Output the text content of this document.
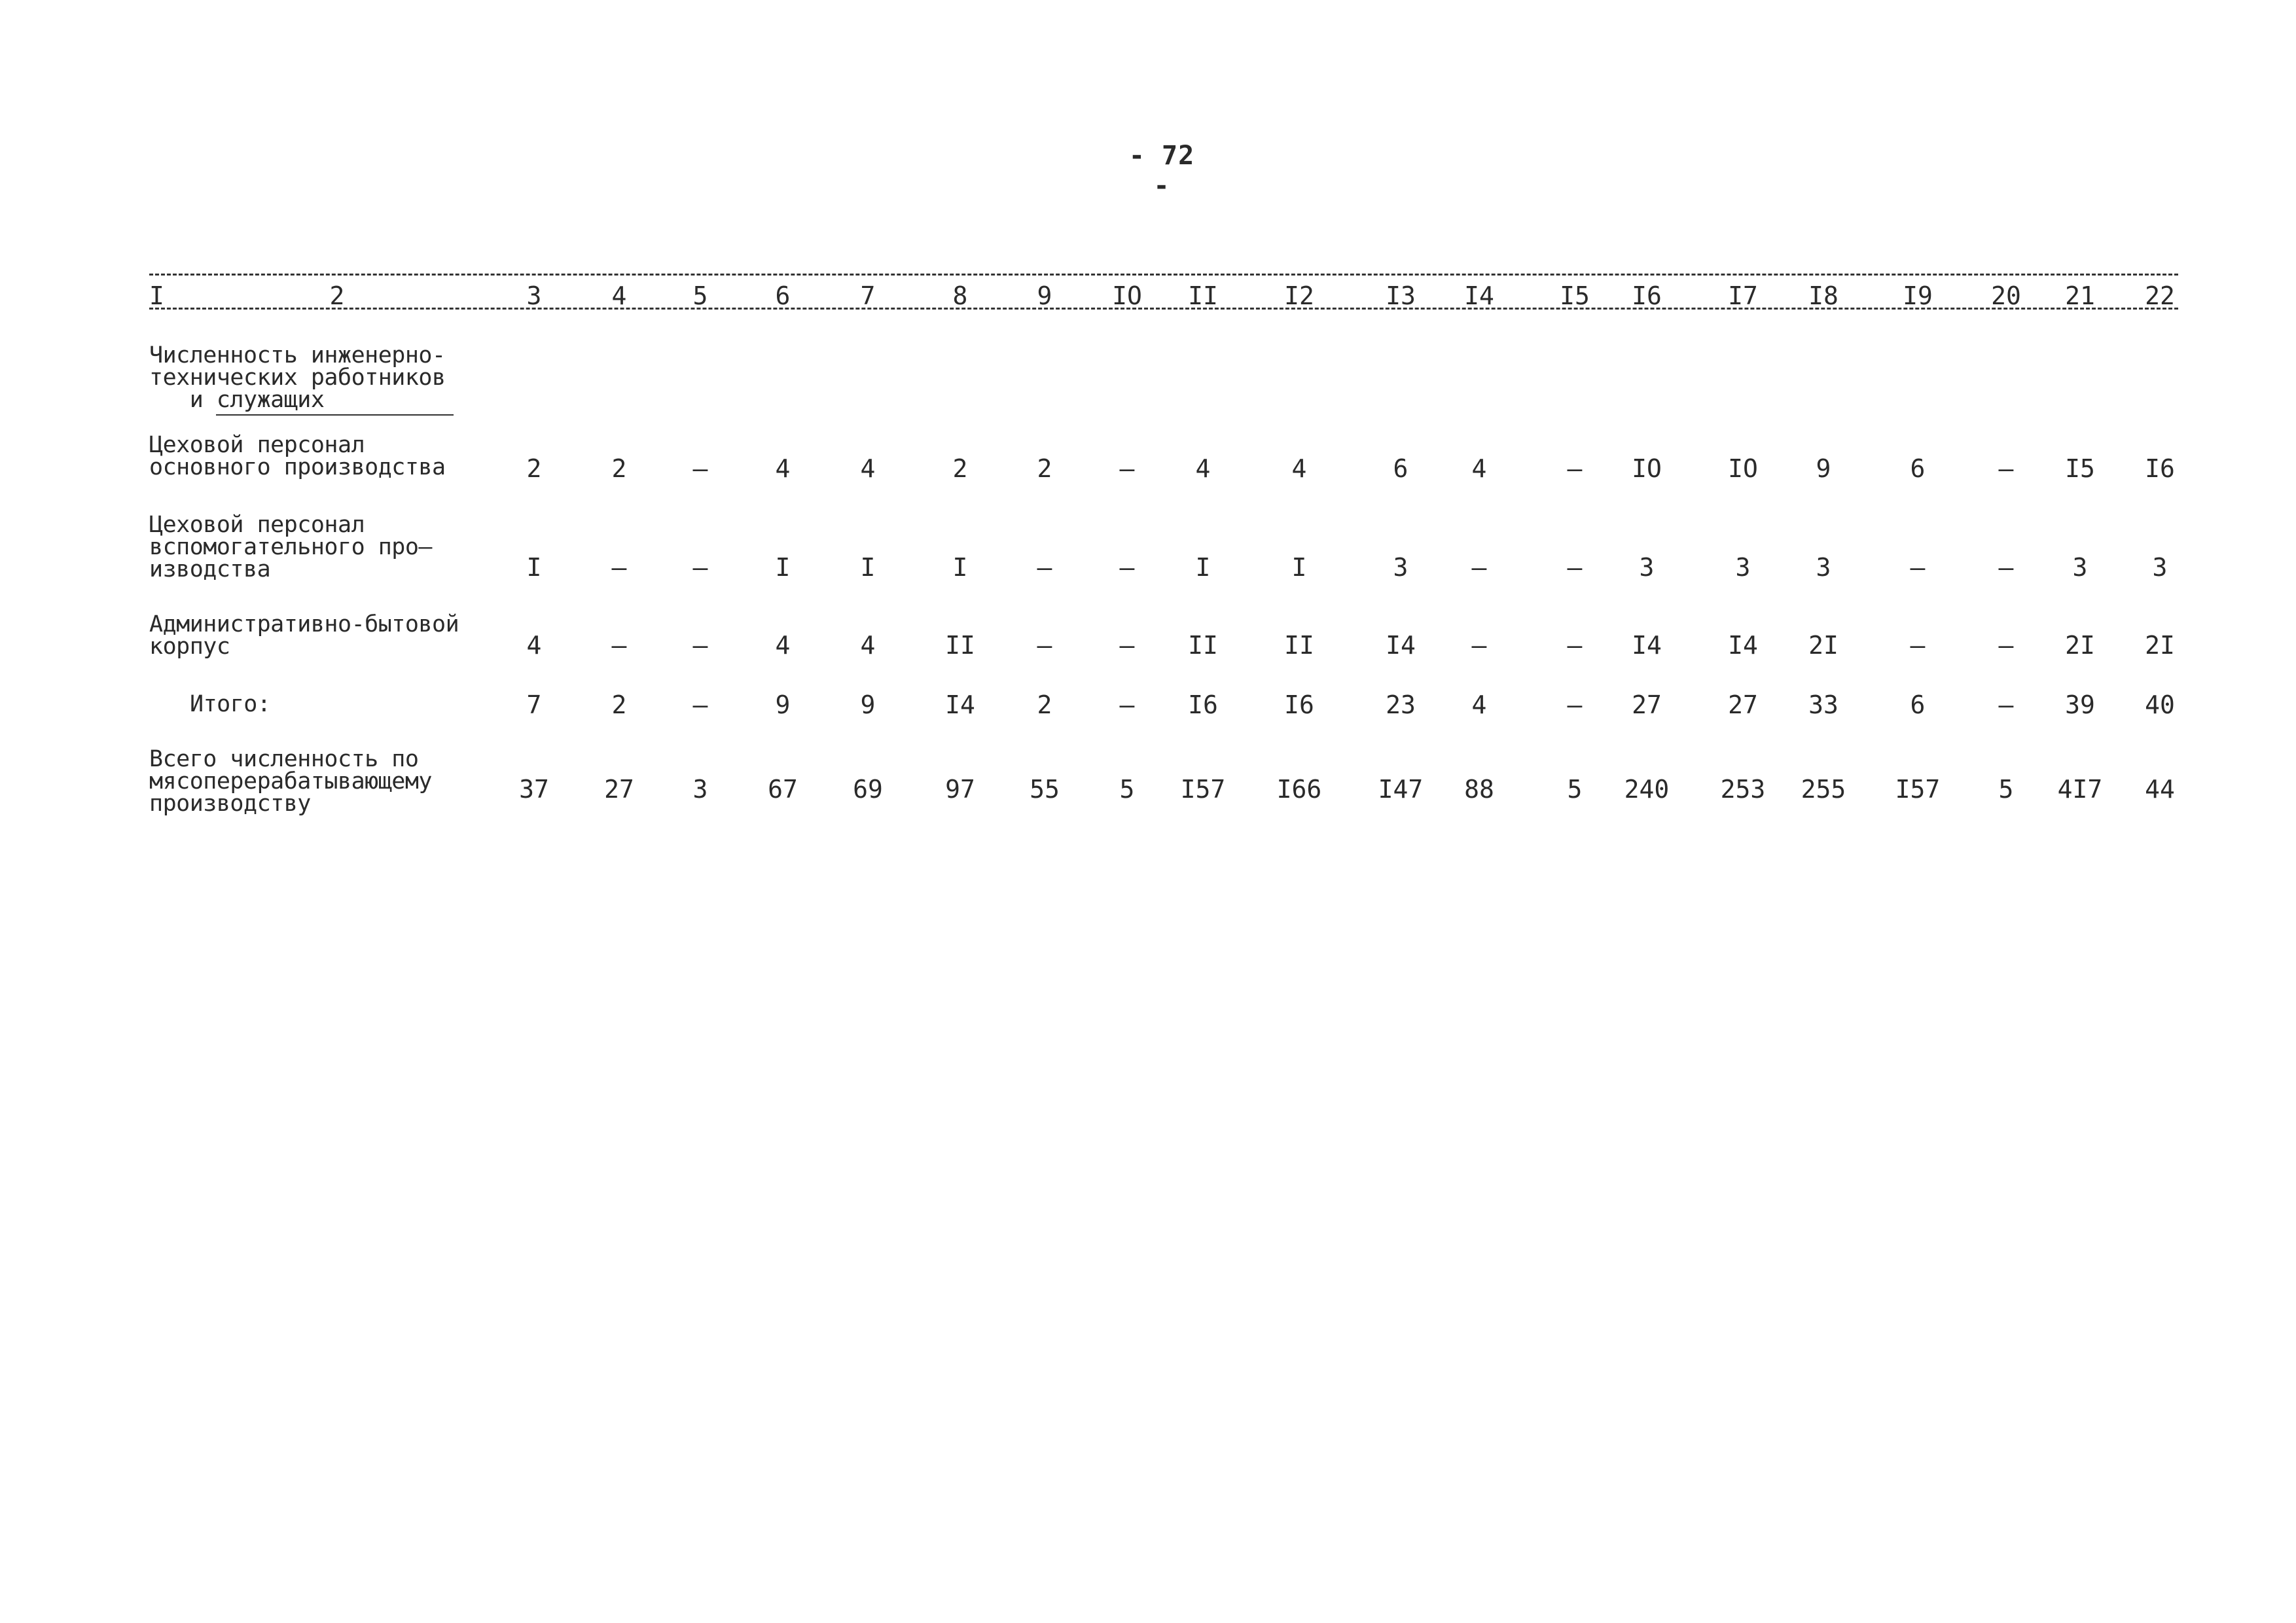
- 72 -
I	2	3	4	5	6	7	8	9	IO	II	I2	I3	I4	I5	I6	I7	I8	I9	20	21	22
Численность инженерно-
технических работников
и служащих
Цеховой персонал
основного производства	2	2	–	4	4	2	2	–	4	4	6	4	–	IO	IO	9	6	–	I5	I6
Цеховой персонал
вспомогательного про–
изводства	I	–	–	I	I	I	–	–	I	I	3	–	–	3	3	3	–	–	3	3
Административно-бытовой
корпус	4	–	–	4	4	II	–	–	II	II	I4	–	–	I4	I4	2I	–	–	2I	2I
Итого:	7	2	–	9	9	I4	2	–	I6	I6	23	4	–	27	27	33	6	–	39	40
Всего численность по
мясоперерабатывающему
производству	37	27	3	67	69	97	55	5	I57	I66	I47	88	5	240	253	255	I57	5	4I7	44
